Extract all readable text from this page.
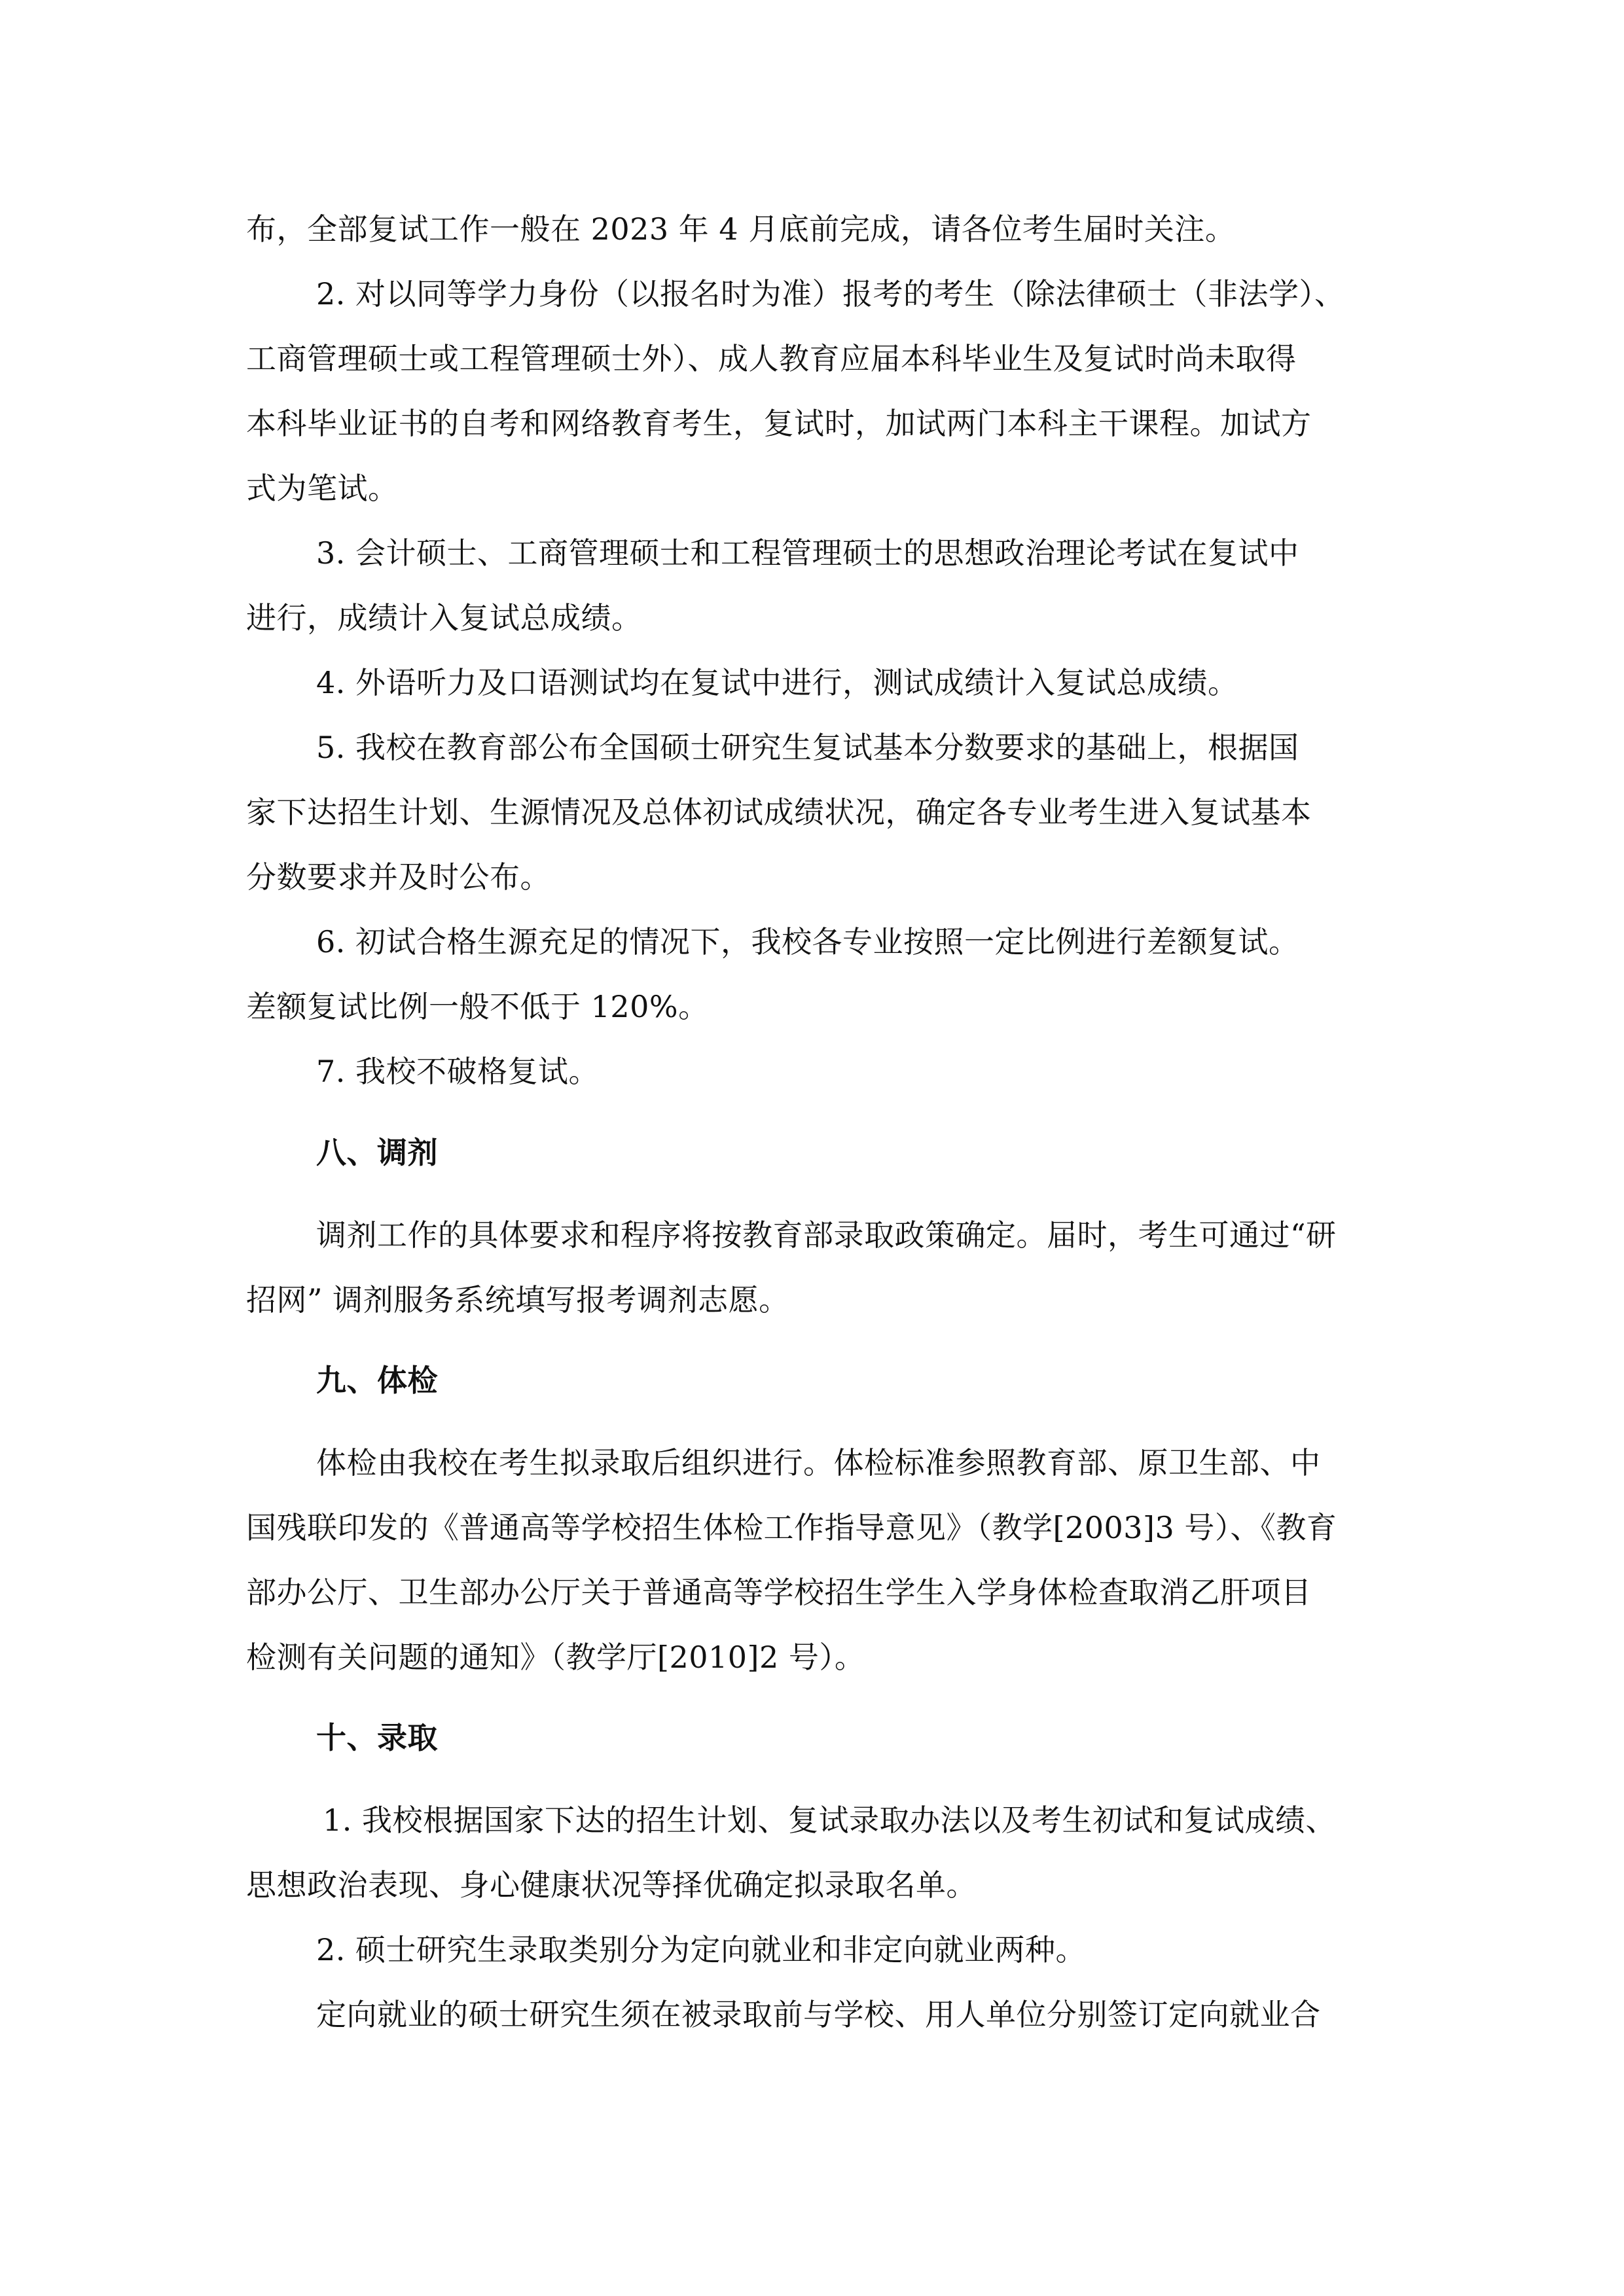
布，全部复试工作一般在 2023 年 4 月底前完成，请各位考生届时关注。
2. 对以同等学力身份（以报名时为准）报考的考生（除法律硕士（非法学）、
工商管理硕士或工程管理硕士外）、成人教育应届本科毕业生及复试时尚未取得
本科毕业证书的自考和网络教育考生，复试时，加试两门本科主干课程。加试方
式为笔试。
3. 会计硕士、工商管理硕士和工程管理硕士的思想政治理论考试在复试中
进行，成绩计入复试总成绩。
4. 外语听力及口语测试均在复试中进行，测试成绩计入复试总成绩。
5. 我校在教育部公布全国硕士研究生复试基本分数要求的基础上，根据国
家下达招生计划、生源情况及总体初试成绩状况，确定各专业考生进入复试基本
分数要求并及时公布。
6. 初试合格生源充足的情况下，我校各专业按照一定比例进行差额复试。
差额复试比例一般不低于 120%。
7. 我校不破格复试。
八、调剂
调剂工作的具体要求和程序将按教育部录取政策确定。届时，考生可通过“研
招网” 调剂服务系统填写报考调剂志愿。
九、体检
体检由我校在考生拟录取后组织进行。体检标准参照教育部、原卫生部、中
国残联印发的《普通高等学校招生体检工作指导意见》（教学[2003]3 号）、《教育
部办公厅、卫生部办公厅关于普通高等学校招生学生入学身体检查取消乙肝项目
检测有关问题的通知》（教学厅[2010]2 号）。
十、录取
1. 我校根据国家下达的招生计划、复试录取办法以及考生初试和复试成绩、
思想政治表现、身心健康状况等择优确定拟录取名单。
2. 硕士研究生录取类别分为定向就业和非定向就业两种。
定向就业的硕士研究生须在被录取前与学校、用人单位分别签订定向就业合
